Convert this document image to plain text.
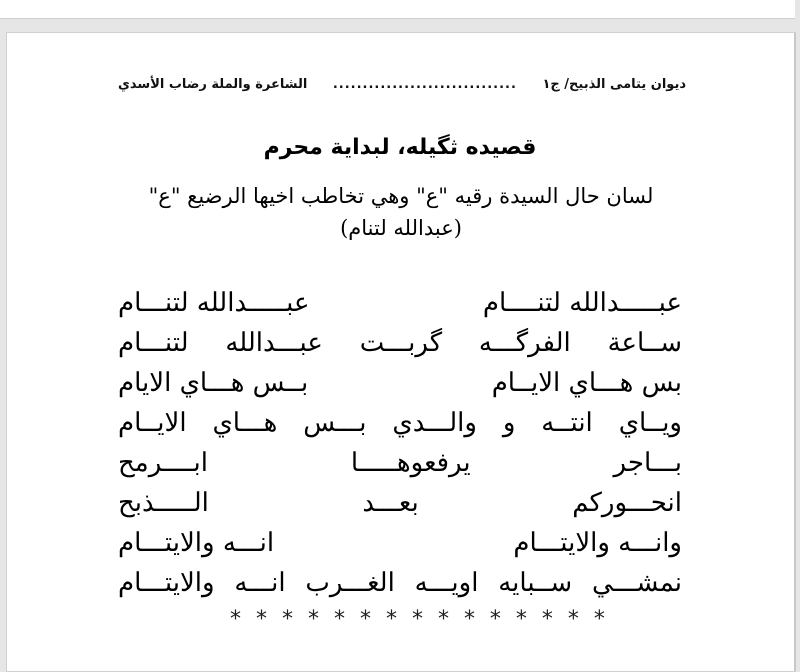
ديوان يتامى الذبيح/ ج١
...............................
الشاعرة والملة رضاب الأسدي
قصيده ثگيله، لبداية محرم
لسان حال السيدة رقيه "ع" وهي تخاطب اخيها الرضيع "ع" (عبدالله لتنام)
عبـــــدالله لتنــــام
عبـــــدالله لتنـــام
ســاعة الفرگـــه گربـــت عبـــدالله لتنـــام
بس هـــاي الايــام
بــس هـــاي الايام
ويــاي انتــه و والـــدي بـــس هـــاي الايــام
بـــاجر يرفعوهـــــا ابــــرمح
انحـــوركم بعـــد الـــــذبح
وانـــه والايتـــام
انـــه والايتـــام
نمشـــي ســبايه اويـــه الغـــرب انـــه والايتـــام
* * * * * * * * * * * * * * *
